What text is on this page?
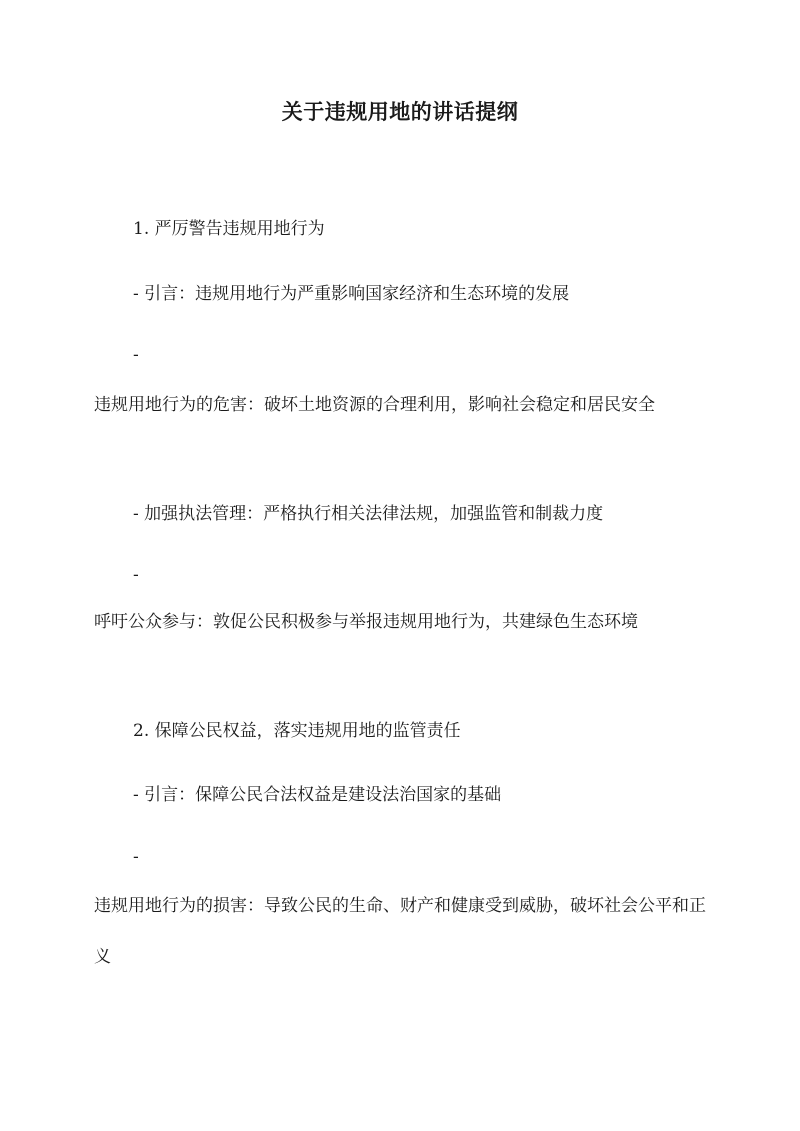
关于违规用地的讲话提纲

1. 严厉警告违规用地行为

- 引言：违规用地行为严重影响国家经济和生态环境的发展

-

违规用地行为的危害：破坏土地资源的合理利用，影响社会稳定和居民安全

- 加强执法管理：严格执行相关法律法规，加强监管和制裁力度

-

呼吁公众参与：敦促公民积极参与举报违规用地行为，共建绿色生态环境

2. 保障公民权益，落实违规用地的监管责任

- 引言：保障公民合法权益是建设法治国家的基础

-

违规用地行为的损害：导致公民的生命、财产和健康受到威胁，破坏社会公平和正义
